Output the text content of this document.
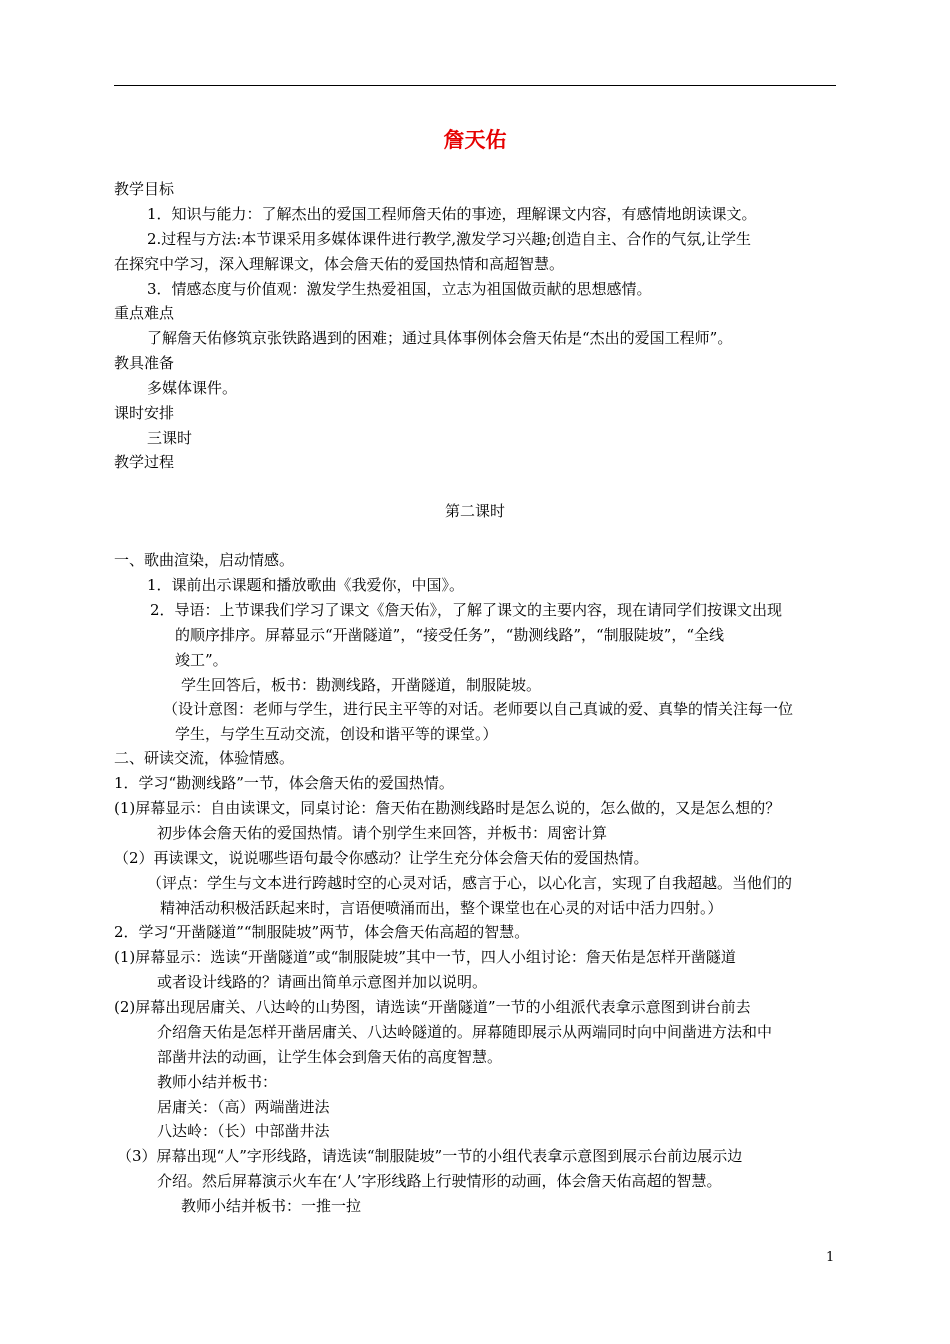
詹天佑
教学目标
1．知识与能力：了解杰出的爱国工程师詹天佑的事迹，理解课文内容，有感情地朗读课文。
2.过程与方法:本节课采用多媒体课件进行教学,激发学习兴趣;创造自主、合作的气氛,让学生
在探究中学习，深入理解课文，体会詹天佑的爱国热情和高超智慧。
3．情感态度与价值观：激发学生热爱祖国，立志为祖国做贡献的思想感情。
重点难点
了解詹天佑修筑京张铁路遇到的困难；通过具体事例体会詹天佑是“杰出的爱国工程师”。
教具准备
多媒体课件。
课时安排
三课时
教学过程
第二课时
一、歌曲渲染，启动情感。
1．课前出示课题和播放歌曲《我爱你，中国》。
2．导语：上节课我们学习了课文《詹天佑》，了解了课文的主要内容，现在请同学们按课文出现
的顺序排序。屏幕显示“开凿隧道”，“接受任务”，“勘测线路”，“制服陡坡”，“全线
竣工”。
学生回答后，板书：勘测线路，开凿隧道，制服陡坡。
（设计意图：老师与学生，进行民主平等的对话。老师要以自己真诚的爱、真挚的情关注每一位
学生，与学生互动交流，创设和谐平等的课堂。）
二、研读交流，体验情感。
1．学习“勘测线路”一节，体会詹天佑的爱国热情。
(1)屏幕显示：自由读课文，同桌讨论：詹天佑在勘测线路时是怎么说的，怎么做的，又是怎么想的？
初步体会詹天佑的爱国热情。请个别学生来回答，并板书：周密计算
（2）再读课文，说说哪些语句最令你感动？让学生充分体会詹天佑的爱国热情。
（评点：学生与文本进行跨越时空的心灵对话，感言于心，以心化言，实现了自我超越。当他们的
精神活动积极活跃起来时，言语便喷涌而出，整个课堂也在心灵的对话中活力四射。）
2．学习“开凿隧道”“制服陡坡”两节，体会詹天佑高超的智慧。
(1)屏幕显示：选读“开凿隧道”或“制服陡坡”其中一节，四人小组讨论：詹天佑是怎样开凿隧道
或者设计线路的？请画出简单示意图并加以说明。
(2)屏幕出现居庸关、八达岭的山势图，请选读“开凿隧道”一节的小组派代表拿示意图到讲台前去
介绍詹天佑是怎样开凿居庸关、八达岭隧道的。屏幕随即展示从两端同时向中间凿进方法和中
部凿井法的动画，让学生体会到詹天佑的高度智慧。
教师小结并板书：
居庸关：（高）两端凿进法
八达岭：（长）中部凿井法
（3）屏幕出现“人”字形线路，请选读“制服陡坡”一节的小组代表拿示意图到展示台前边展示边
介绍。然后屏幕演示火车在‘人’字形线路上行驶情形的动画，体会詹天佑高超的智慧。
教师小结并板书：一推一拉
1
